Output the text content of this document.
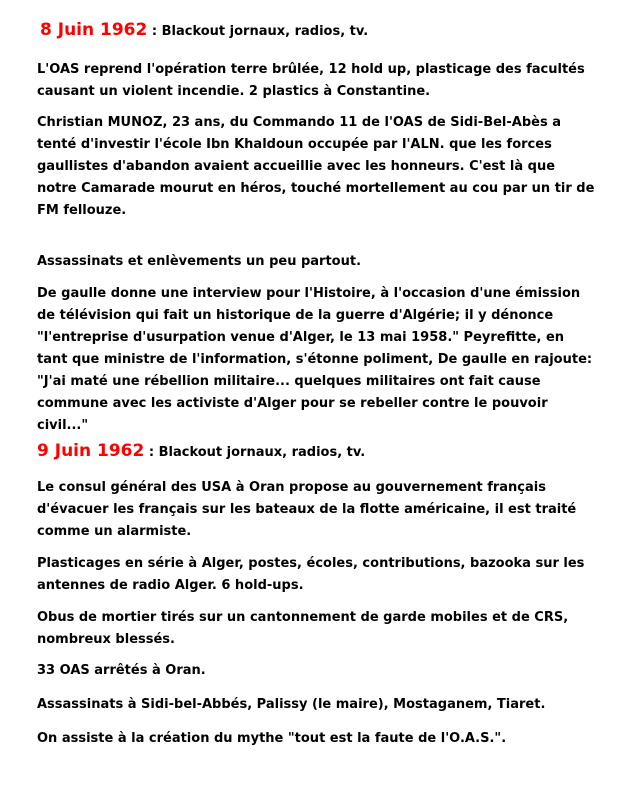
8 Juin 1962 : Blackout jornaux, radios, tv.

L'OAS reprend l'opération terre brûlée, 12 hold up, plasticage des facultés causant un violent incendie. 2 plastics à Constantine.

Christian MUNOZ, 23 ans, du Commando 11 de l'OAS de Sidi-Bel-Abès a tenté d'investir l'école Ibn Khaldoun occupée par l'ALN. que les forces gaullistes d'abandon avaient accueillie avec les honneurs. C'est là que notre Camarade mourut en héros, touché mortellement au cou par un tir de FM fellouze.

Assassinats et enlèvements un peu partout.

De gaulle donne une interview pour l'Histoire, à l'occasion d'une émission de télévision qui fait un historique de la guerre d'Algérie; il y dénonce "l'entreprise d'usurpation venue d'Alger, le 13 mai 1958." Peyrefitte, en tant que ministre de l'information, s'étonne poliment, De gaulle en rajoute: "J'ai maté une rébellion militaire... quelques militaires ont fait cause commune avec les activiste d'Alger pour se rebeller contre le pouvoir civil..."

9 Juin 1962 : Blackout jornaux, radios, tv.

Le consul général des USA à Oran propose au gouvernement français d'évacuer les français sur les bateaux de la flotte américaine, il est traité comme un alarmiste.

Plasticages en série à Alger, postes, écoles, contributions, bazooka sur les antennes de radio Alger. 6 hold-ups.

Obus de mortier tirés sur un cantonnement de garde mobiles et de CRS, nombreux blessés.

33 OAS arrêtés à Oran.

Assassinats à Sidi-bel-Abbés, Palissy (le maire), Mostaganem, Tiaret.

On assiste à la création du mythe "tout est la faute de l'O.A.S.".
